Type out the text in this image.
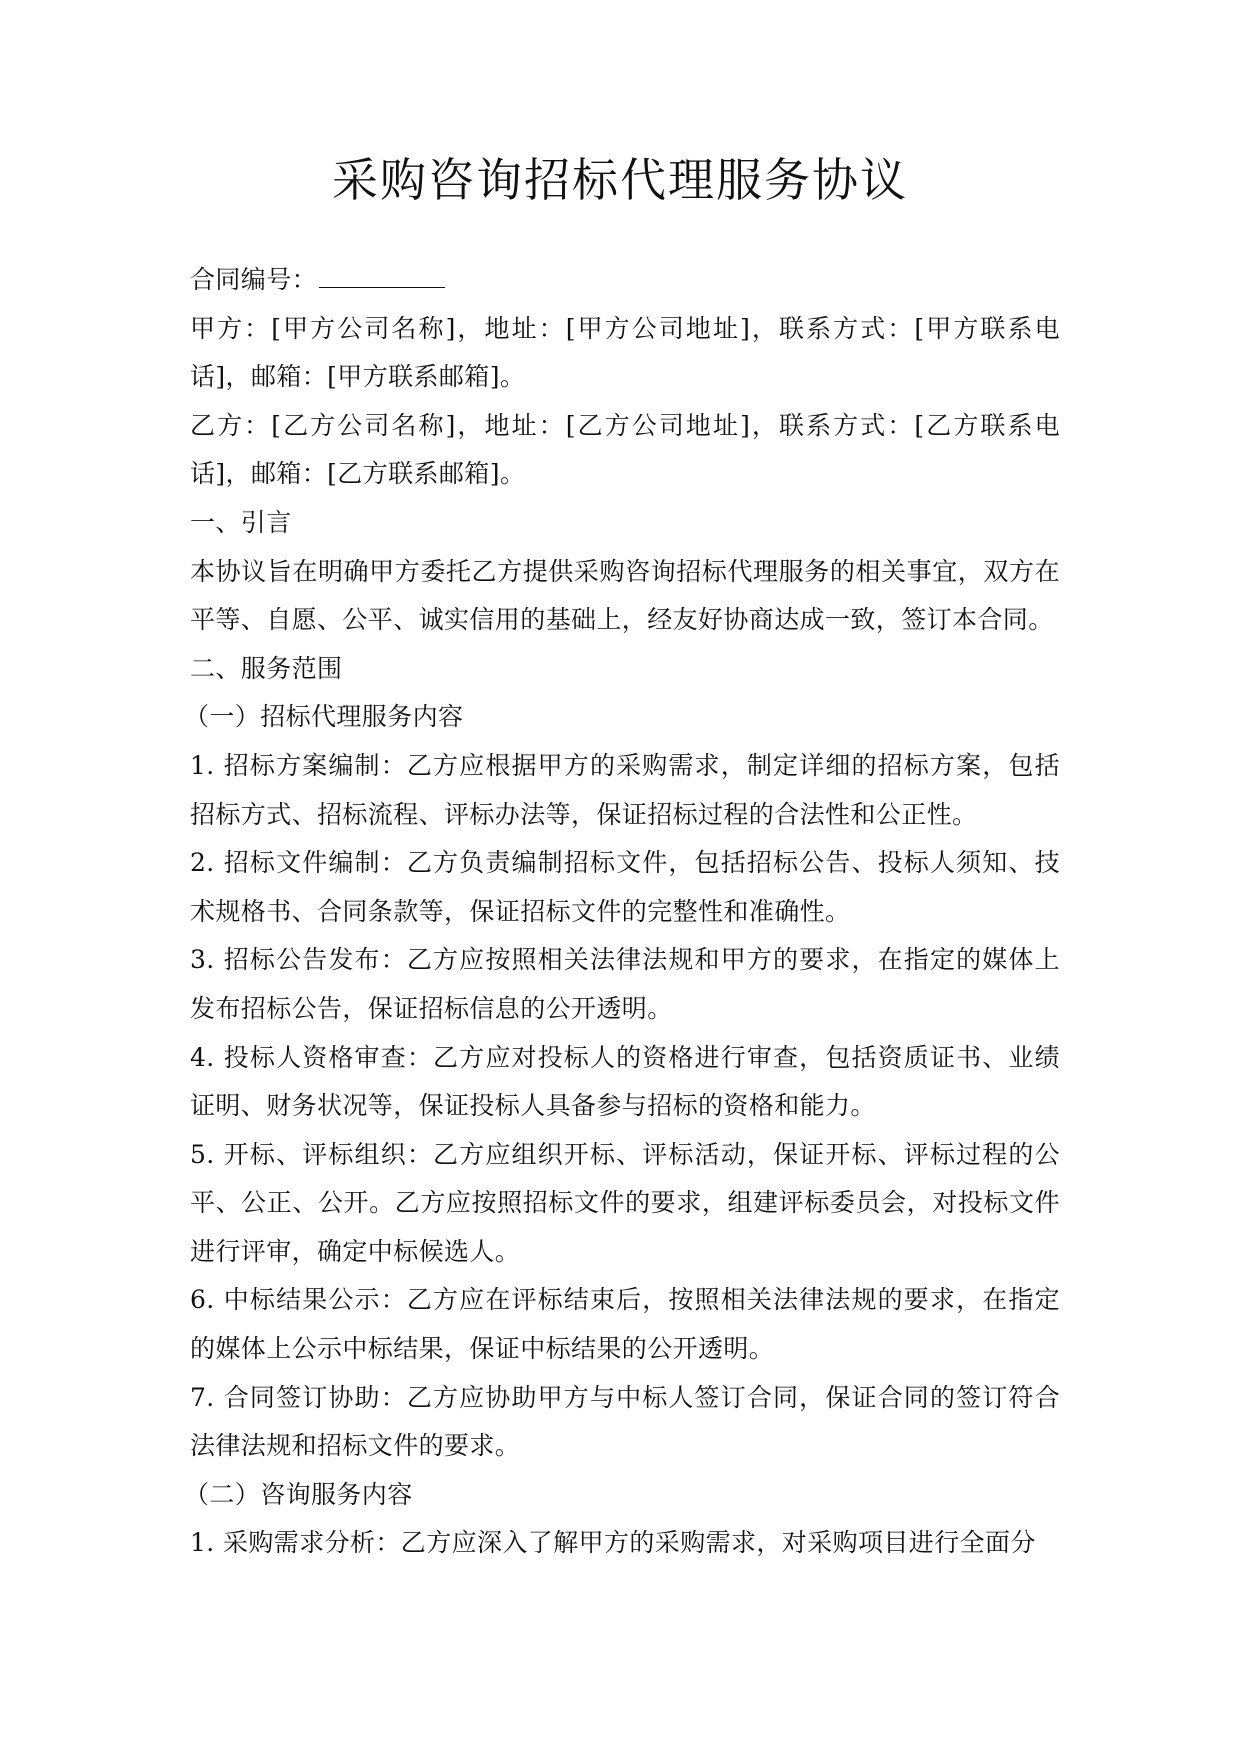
采购咨询招标代理服务协议

合同编号：

甲方：[甲方公司名称]，地址：[甲方公司地址]，联系方式：[甲方联系电话]，邮箱：[甲方联系邮箱]。

乙方：[乙方公司名称]，地址：[乙方公司地址]，联系方式：[乙方联系电话]，邮箱：[乙方联系邮箱]。

一、引言

本协议旨在明确甲方委托乙方提供采购咨询招标代理服务的相关事宜，双方在平等、自愿、公平、诚实信用的基础上，经友好协商达成一致，签订本合同。

二、服务范围

（一）招标代理服务内容

1. 招标方案编制：乙方应根据甲方的采购需求，制定详细的招标方案，包括招标方式、招标流程、评标办法等，保证招标过程的合法性和公正性。

2. 招标文件编制：乙方负责编制招标文件，包括招标公告、投标人须知、技术规格书、合同条款等，保证招标文件的完整性和准确性。

3. 招标公告发布：乙方应按照相关法律法规和甲方的要求，在指定的媒体上发布招标公告，保证招标信息的公开透明。

4. 投标人资格审查：乙方应对投标人的资格进行审查，包括资质证书、业绩证明、财务状况等，保证投标人具备参与招标的资格和能力。

5. 开标、评标组织：乙方应组织开标、评标活动，保证开标、评标过程的公平、公正、公开。乙方应按照招标文件的要求，组建评标委员会，对投标文件进行评审，确定中标候选人。

6. 中标结果公示：乙方应在评标结束后，按照相关法律法规的要求，在指定的媒体上公示中标结果，保证中标结果的公开透明。

7. 合同签订协助：乙方应协助甲方与中标人签订合同，保证合同的签订符合法律法规和招标文件的要求。

（二）咨询服务内容

1. 采购需求分析：乙方应深入了解甲方的采购需求，对采购项目进行全面分
